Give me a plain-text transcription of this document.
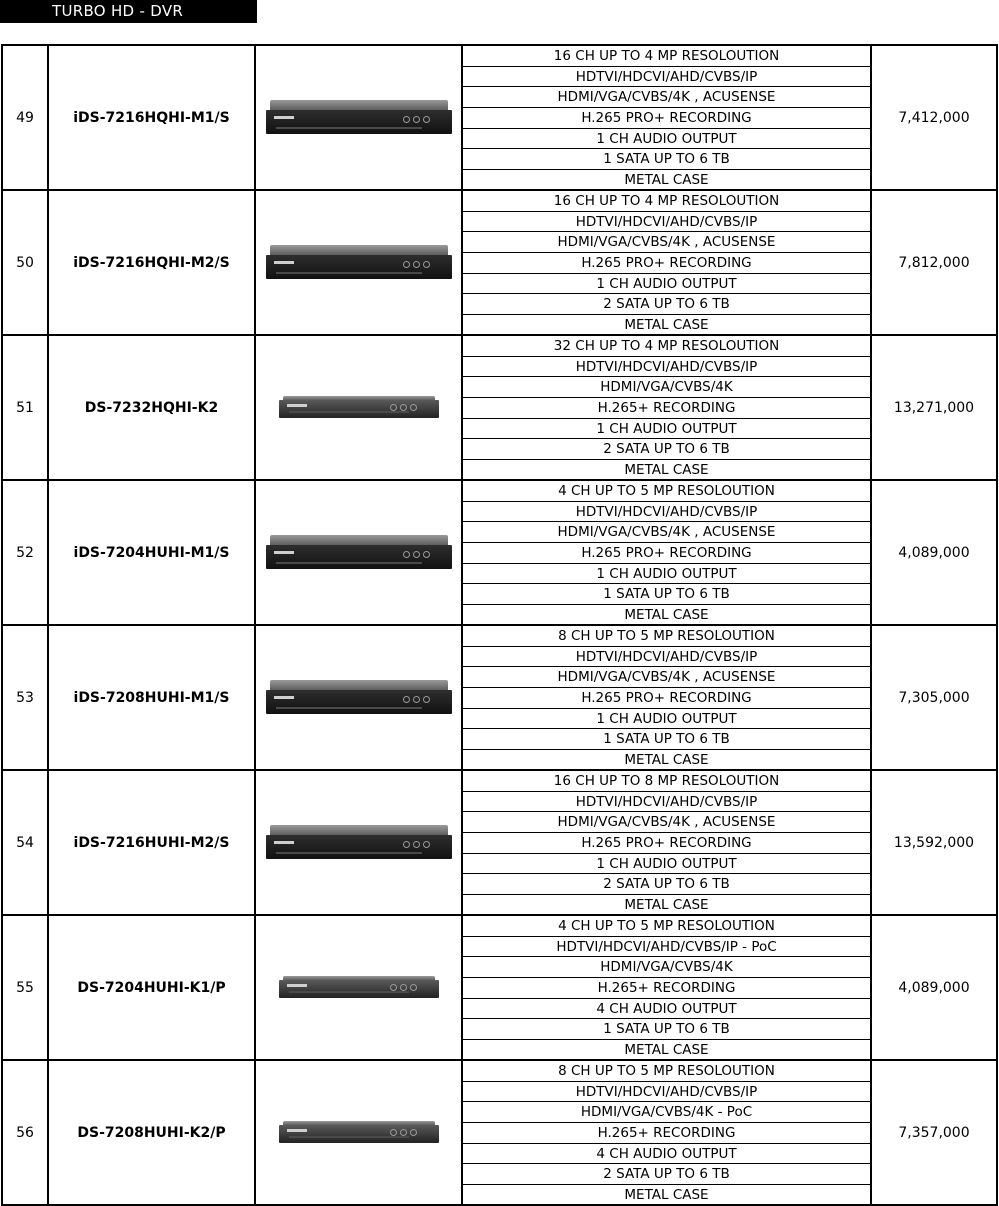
TURBO HD - DVR
49	iDS-7216HQHI-M1/S
16 CH UP TO 4 MP RESOLOUTION
HDTVI/HDCVI/AHD/CVBS/IP
HDMI/VGA/CVBS/4K , ACUSENSE
H.265 PRO+ RECORDING
1 CH AUDIO OUTPUT
1 SATA UP TO 6 TB
METAL CASE
7,412,000
50	iDS-7216HQHI-M2/S
16 CH UP TO 4 MP RESOLOUTION
HDTVI/HDCVI/AHD/CVBS/IP
HDMI/VGA/CVBS/4K , ACUSENSE
H.265 PRO+ RECORDING
1 CH AUDIO OUTPUT
2 SATA UP TO 6 TB
METAL CASE
7,812,000
51	DS-7232HQHI-K2
32 CH UP TO 4 MP RESOLOUTION
HDTVI/HDCVI/AHD/CVBS/IP
HDMI/VGA/CVBS/4K
H.265+ RECORDING
1 CH AUDIO OUTPUT
2 SATA UP TO 6 TB
METAL CASE
13,271,000
52	iDS-7204HUHI-M1/S
4 CH UP TO 5 MP RESOLOUTION
HDTVI/HDCVI/AHD/CVBS/IP
HDMI/VGA/CVBS/4K , ACUSENSE
H.265 PRO+ RECORDING
1 CH AUDIO OUTPUT
1 SATA UP TO 6 TB
METAL CASE
4,089,000
53	iDS-7208HUHI-M1/S
8 CH UP TO 5 MP RESOLOUTION
HDTVI/HDCVI/AHD/CVBS/IP
HDMI/VGA/CVBS/4K , ACUSENSE
H.265 PRO+ RECORDING
1 CH AUDIO OUTPUT
1 SATA UP TO 6 TB
METAL CASE
7,305,000
54	iDS-7216HUHI-M2/S
16 CH UP TO 8 MP RESOLOUTION
HDTVI/HDCVI/AHD/CVBS/IP
HDMI/VGA/CVBS/4K , ACUSENSE
H.265 PRO+ RECORDING
1 CH AUDIO OUTPUT
2 SATA UP TO 6 TB
METAL CASE
13,592,000
55	DS-7204HUHI-K1/P
4 CH UP TO 5 MP RESOLOUTION
HDTVI/HDCVI/AHD/CVBS/IP - PoC
HDMI/VGA/CVBS/4K
H.265+ RECORDING
4 CH AUDIO OUTPUT
1 SATA UP TO 6 TB
METAL CASE
4,089,000
56	DS-7208HUHI-K2/P
8 CH UP TO 5 MP RESOLOUTION
HDTVI/HDCVI/AHD/CVBS/IP
HDMI/VGA/CVBS/4K - PoC
H.265+ RECORDING
4 CH AUDIO OUTPUT
2 SATA UP TO 6 TB
METAL CASE
7,357,000
